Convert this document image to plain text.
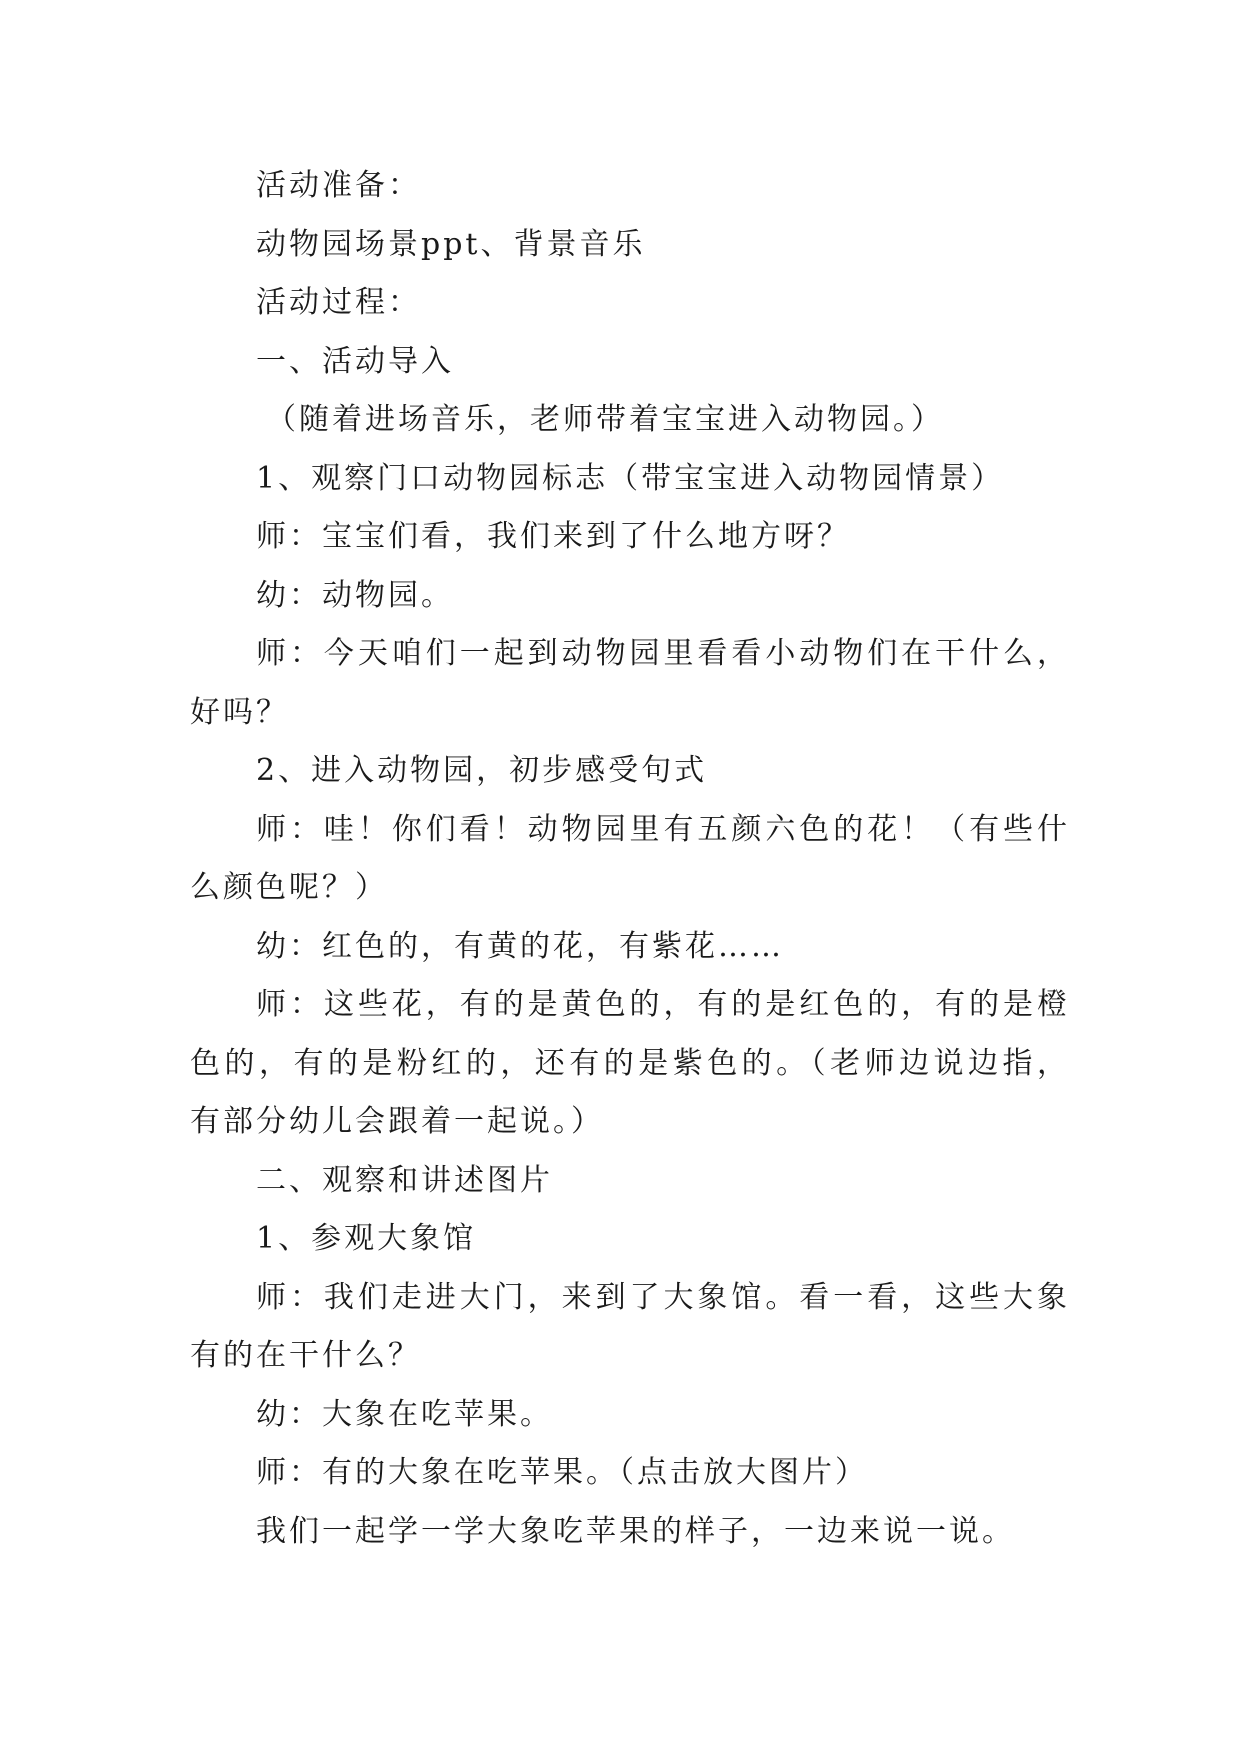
活动准备：
动物园场景ppt、背景音乐
活动过程：
一、活动导入
（随着进场音乐，老师带着宝宝进入动物园。）
1、观察门口动物园标志（带宝宝进入动物园情景）
师：宝宝们看，我们来到了什么地方呀？
幼：动物园。
师：今天咱们一起到动物园里看看小动物们在干什么，
好吗？
2、进入动物园，初步感受句式
师：哇！你们看！动物园里有五颜六色的花！（有些什
么颜色呢？）
幼：红色的，有黄的花，有紫花……
师：这些花，有的是黄色的，有的是红色的，有的是橙
色的，有的是粉红的，还有的是紫色的。（老师边说边指，
有部分幼儿会跟着一起说。）
二、观察和讲述图片
1、参观大象馆
师：我们走进大门，来到了大象馆。看一看，这些大象
有的在干什么？
幼：大象在吃苹果。
师：有的大象在吃苹果。（点击放大图片）
我们一起学一学大象吃苹果的样子，一边来说一说。
